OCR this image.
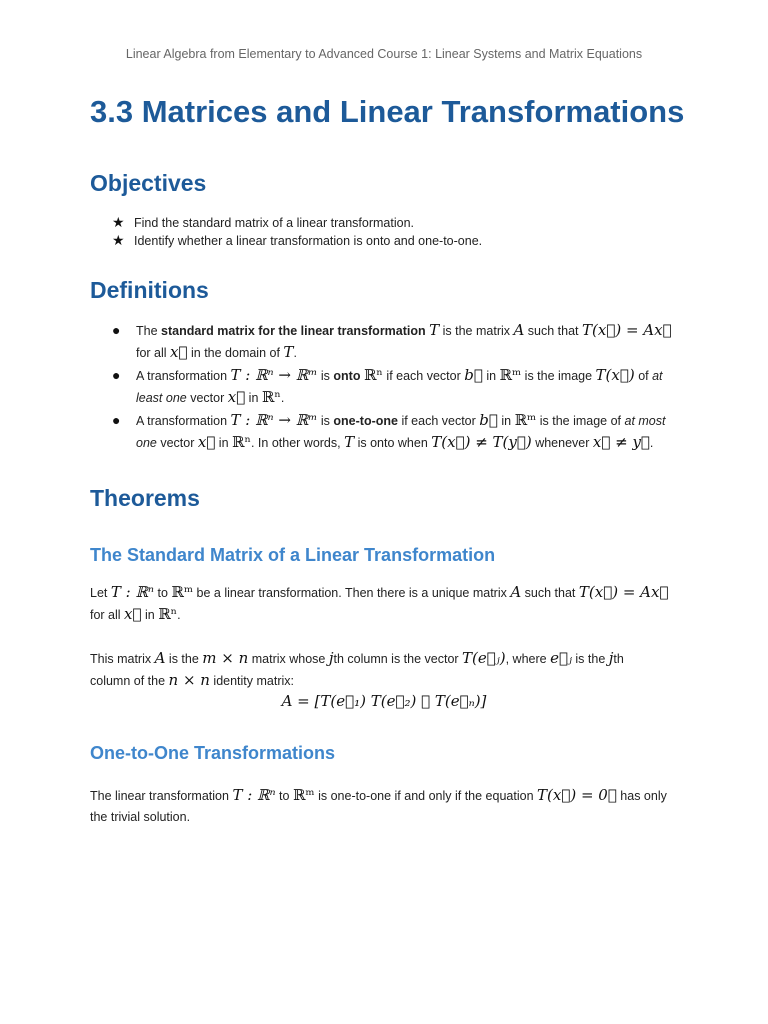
Linear Algebra from Elementary to Advanced Course 1: Linear Systems and Matrix Equations
3.3 Matrices and Linear Transformations
Objectives
★ Find the standard matrix of a linear transformation.
★ Identify whether a linear transformation is onto and one-to-one.
Definitions
● The standard matrix for the linear transformation T is the matrix A such that T(x⃗) = Ax⃗
for all x⃗ in the domain of T.
● A transformation T : ℝⁿ → ℝᵐ is onto ℝⁿ if each vector b⃗ in ℝᵐ is the image T(x⃗) of at
least one vector x⃗ in ℝⁿ.
● A transformation T : ℝⁿ → ℝᵐ is one-to-one if each vector b⃗ in ℝᵐ is the image of at most
one vector x⃗ in ℝⁿ. In other words, T is onto when T(x⃗) ≠ T(y⃗) whenever x⃗ ≠ y⃗.
Theorems
The Standard Matrix of a Linear Transformation
Let T : ℝⁿ to ℝᵐ be a linear transformation. Then there is a unique matrix A such that T(x⃗) = Ax⃗
for all x⃗ in ℝⁿ.
This matrix A is the m × n matrix whose jth column is the vector T(e⃗ⱼ), where e⃗ⱼ is the jth
column of the n × n identity matrix:
A = [T(e⃗₁) T(e⃗₂) ⋯ T(e⃗ₙ)]
One-to-One Transformations
The linear transformation T : ℝⁿ to ℝᵐ is one-to-one if and only if the equation T(x⃗) = 0⃗ has only
the trivial solution.
